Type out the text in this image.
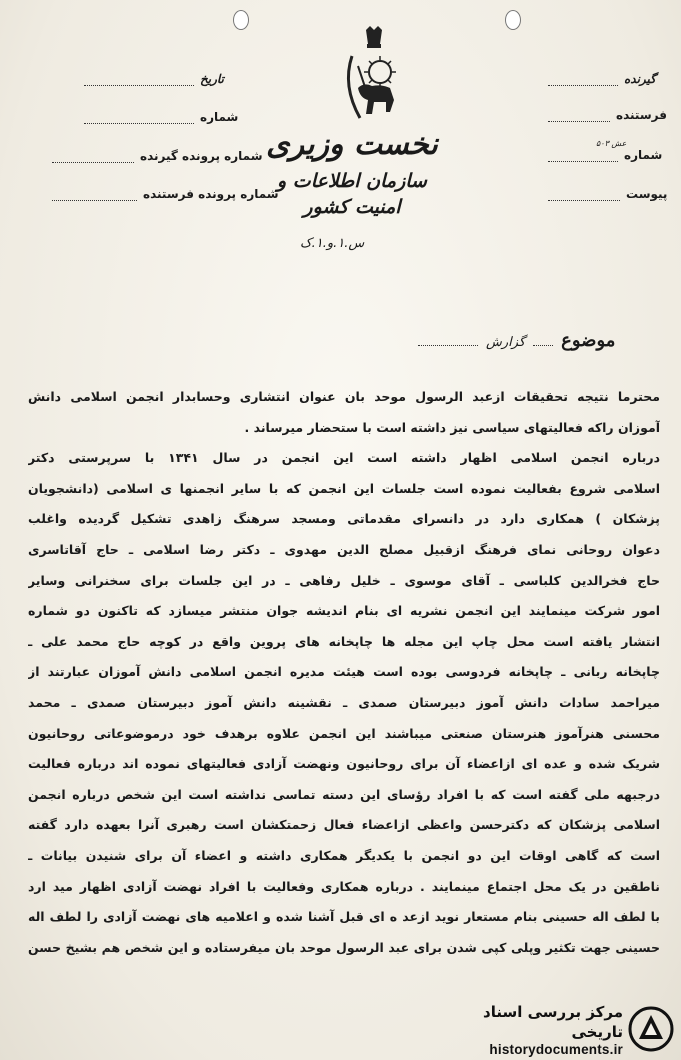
تاریخ
شماره
شماره پرونده گیرنده
شماره پرونده فرستنده
گیرنده
فرستنده
شماره
عش ۵۰۳
پیوست
نخست وزیری
سازمان اطلاعات و امنیت کشور
س.۱.و.۱.ک
موضوع
گزارش
محترما نتیجه تحقیقات ازعبد الرسول موحد بان عنوان انتشاری وحسابدار انجمن اسلامی دانش
آموزان راکه فعالیتهای سیاسی نیز داشته است با ستحضار میرساند .
درباره انجمن اسلامی اظهار داشته است این انجمن در سال ۱۳۴۱ با سرپرستی دکتر
اسلامی شروع بفعالیت نموده است جلسات این انجمن که با سایر انجمنها ی اسلامی (دانشجویان
پزشکان ) همکاری دارد در دانسرای مقدماتی ومسجد سرهنگ زاهدی تشکیل گردیده واغلب
دعوان روحانی نمای فرهنگ ازقبیل مصلح الدین مهدوی ـ دکتر رضا اسلامی ـ حاج آقاتاسری
حاج فخرالدین کلباسی ـ آقای موسوی ـ خلیل رفاهی ـ در این جلسات برای سخنرانی وسایر
امور شرکت مینمایند این انجمن نشریه ای بنام اندیشه جوان منتشر میسازد که تاکنون دو شماره
انتشار یافته است محل چاپ این مجله ها چاپخانه های پروین واقع در کوچه حاج محمد علی ـ
چاپخانه ربانی ـ چاپخانه فردوسی بوده است هیئت مدیره انجمن اسلامی دانش آموزان عبارتند از
میراحمد سادات دانش آموز دبیرستان صمدی ـ نقشینه دانش آموز دبیرستان صمدی ـ محمد
محسنی هنرآموز هنرستان صنعتی میباشند این انجمن علاوه برهدف خود درموضوعاتی روحانیون
شریک شده و عده ای ازاعضاء آن برای روحانیون ونهضت آزادی فعالیتهای نموده اند درباره فعالیت
درجبهه ملی گفته است که با افراد رؤسای این دسته تماسی نداشته است این شخص درباره انجمن
اسلامی پزشکان که دکترحسن واعظی ازاعضاء فعال زحمتکشان است رهبری آنرا بعهده دارد گفته
است که گاهی اوقات این دو انجمن با یکدیگر همکاری داشته و اعضاء آن برای شنیدن بیانات ـ
ناطقین در یک محل اجتماع مینمایند . درباره همکاری وفعالیت با افراد نهضت آزادی اظهار مید ارد
با لطف اله حسینی بنام مستعار نوید ازعد ه ای قبل آشنا شده و اعلامیه های نهضت آزادی را لطف اله
حسینی جهت تکثیر وپلی کپی شدن برای عبد الرسول موحد بان میفرستاده و این شخص هم بشیخ حسن
مرکز بررسی اسناد تاریخی
historydocuments.ir
